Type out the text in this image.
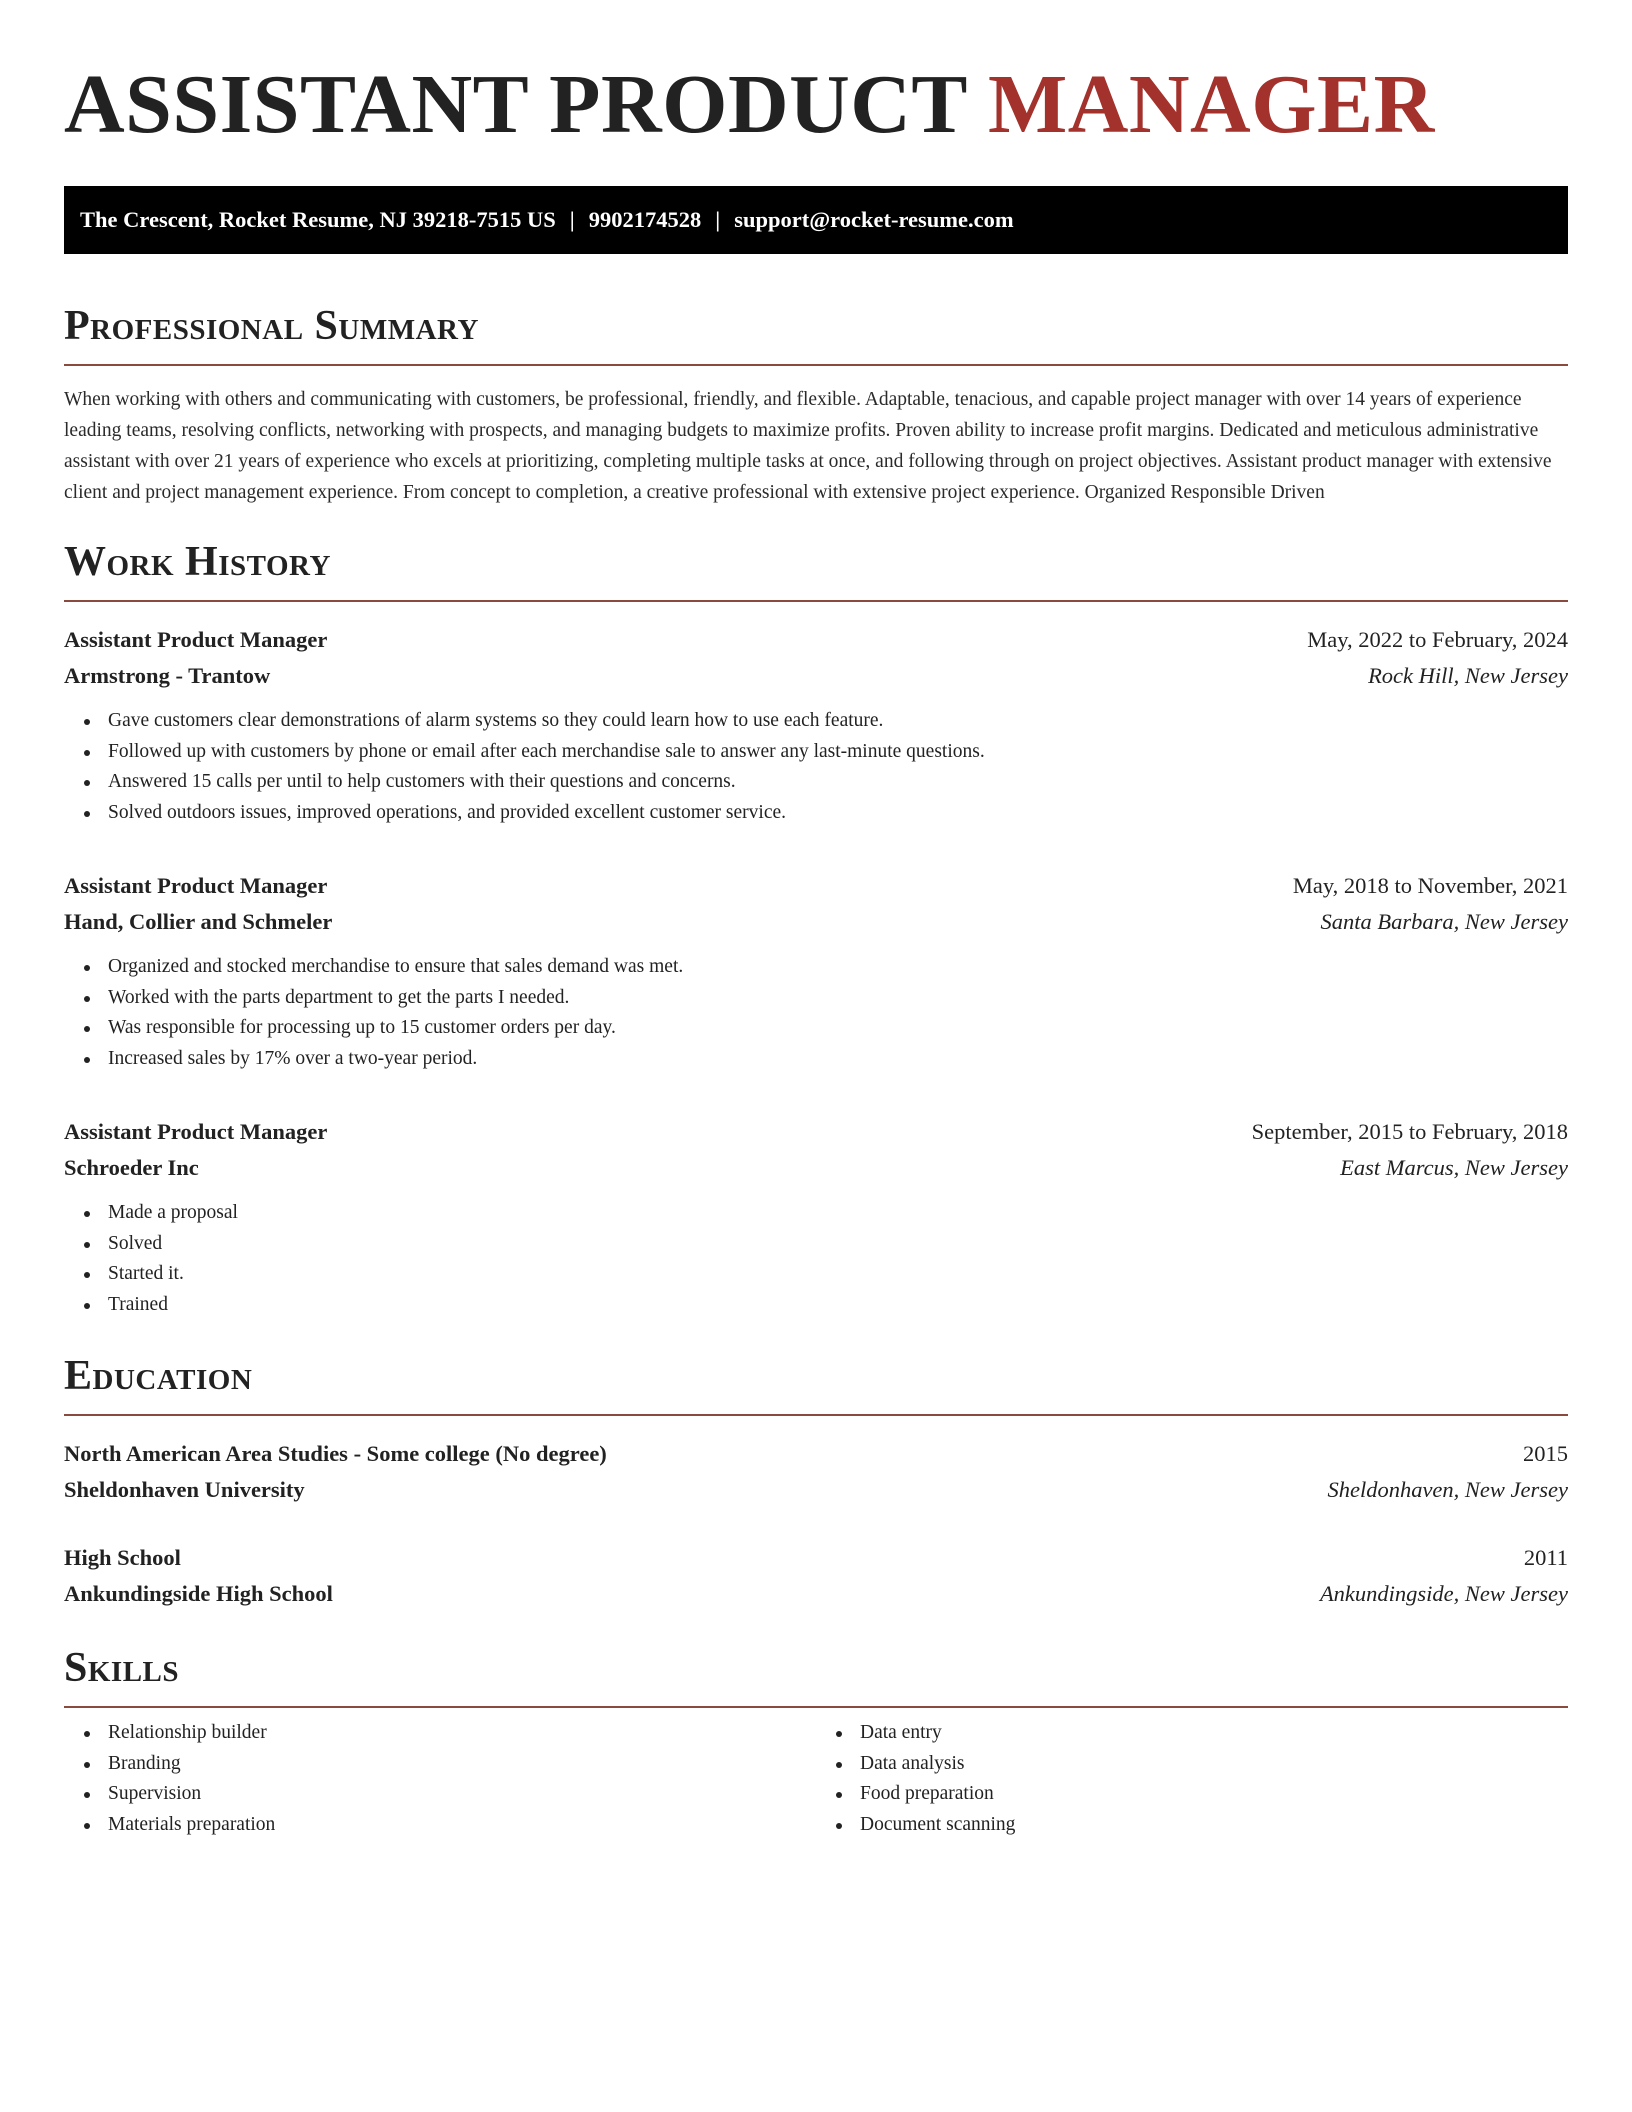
ASSISTANT PRODUCT MANAGER
The Crescent, Rocket Resume, NJ 39218-7515 US | 9902174528 | support@rocket-resume.com
Professional Summary

When working with others and communicating with customers, be professional, friendly, and flexible. Adaptable, tenacious, and capable project manager with over 14 years of experience leading teams, resolving conflicts, networking with prospects, and managing budgets to maximize profits. Proven ability to increase profit margins. Dedicated and meticulous administrative assistant with over 21 years of experience who excels at prioritizing, completing multiple tasks at once, and following through on project objectives. Assistant product manager with extensive client and project management experience. From concept to completion, a creative professional with extensive project experience. Organized Responsible Driven

Work History
Assistant Product Manager	May, 2022 to February, 2024
Armstrong - Trantow	Rock Hill, New Jersey
Gave customers clear demonstrations of alarm systems so they could learn how to use each feature.
Followed up with customers by phone or email after each merchandise sale to answer any last-minute questions.
Answered 15 calls per until to help customers with their questions and concerns.
Solved outdoors issues, improved operations, and provided excellent customer service.
Assistant Product Manager	May, 2018 to November, 2021
Hand, Collier and Schmeler	Santa Barbara, New Jersey
Organized and stocked merchandise to ensure that sales demand was met.
Worked with the parts department to get the parts I needed.
Was responsible for processing up to 15 customer orders per day.
Increased sales by 17% over a two-year period.
Assistant Product Manager	September, 2015 to February, 2018
Schroeder Inc	East Marcus, New Jersey
Made a proposal
Solved
Started it.
Trained
Education
North American Area Studies - Some college (No degree)	2015
Sheldonhaven University	Sheldonhaven, New Jersey
High School	2011
Ankundingside High School	Ankundingside, New Jersey
Skills
Relationship builder
Branding
Supervision
Materials preparation
Data entry
Data analysis
Food preparation
Document scanning
